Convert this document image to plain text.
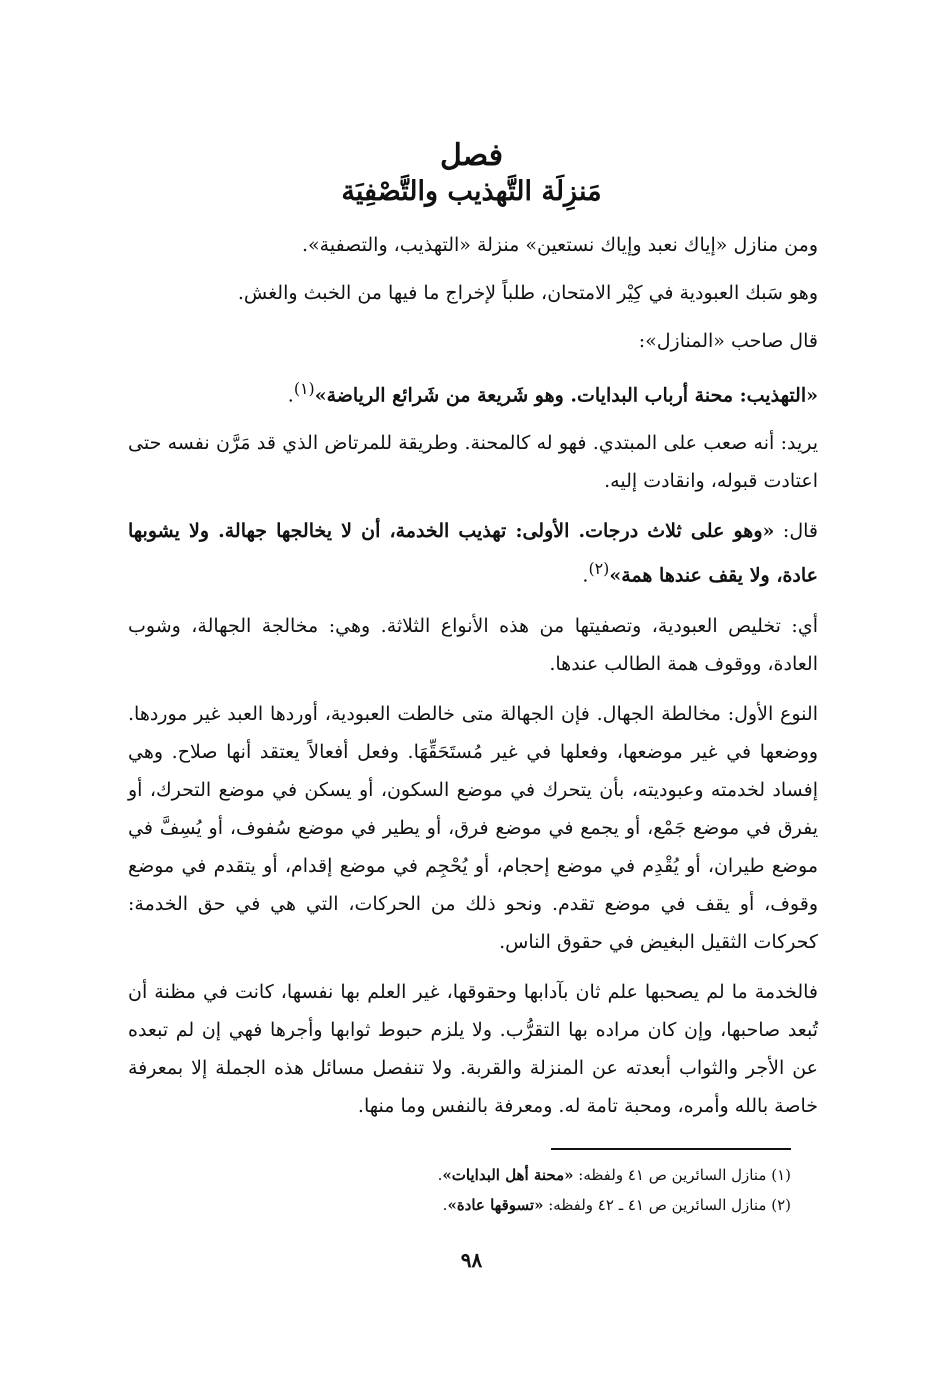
فصل
مَنزِلَة التَّهذيب والتَّصْفِيَة

ومن منازل «إياك نعبد وإياك نستعين» منزلة «التهذيب، والتصفية».

وهو سَبك العبودية في كِيْر الامتحان، طلباً لإخراج ما فيها من الخبث والغش.

قال صاحب «المنازل»:

«التهذيب: محنة أرباب البدايات. وهو شَريعة من شَرائع الرياضة»$^{(١)}$.

يريد: أنه صعب على المبتدي. فهو له كالمحنة. وطريقة للمرتاض الذي قد مَرَّن نفسه حتى اعتادت قبوله، وانقادت إليه.

قال: «وهو على ثلاث درجات. الأولى: تهذيب الخدمة، أن لا يخالجها جهالة. ولا يشوبها عادة، ولا يقف عندها همة»$^{(٢)}$.

أي: تخليص العبودية، وتصفيتها من هذه الأنواع الثلاثة. وهي: مخالجة الجهالة، وشوب العادة، ووقوف همة الطالب عندها.

النوع الأول: مخالطة الجهال. فإن الجهالة متى خالطت العبودية، أوردها العبد غير موردها. ووضعها في غير موضعها، وفعلها في غير مُستَحَقِّهَا. وفعل أفعالاً يعتقد أنها صلاح. وهي إفساد لخدمته وعبوديته، بأن يتحرك في موضع السكون، أو يسكن في موضع التحرك، أو يفرق في موضع جَمْع، أو يجمع في موضع فرق، أو يطير في موضع سُفوف، أو يُسِفَّ في موضع طيران، أو يُقْدِم في موضع إحجام، أو يُحْجِم في موضع إقدام، أو يتقدم في موضع وقوف، أو يقف في موضع تقدم. ونحو ذلك من الحركات، التي هي في حق الخدمة: كحركات الثقيل البغيض في حقوق الناس.

فالخدمة ما لم يصحبها علم ثان بآدابها وحقوقها، غير العلم بها نفسها، كانت في مظنة أن تُبعد صاحبها، وإن كان مراده بها التقرُّب. ولا يلزم حبوط ثوابها وأجرها فهي إن لم تبعده عن الأجر والثواب أبعدته عن المنزلة والقربة. ولا تنفصل مسائل هذه الجملة إلا بمعرفة خاصة بالله وأمره، ومحبة تامة له. ومعرفة بالنفس وما منها.

(١) منازل السائرين ص ٤١ ولفظه: «محنة أهل البدايات».
(٢) منازل السائرين ص ٤١ ـ ٤٢ ولفظه: «تسوقها عادة».
٩٨
